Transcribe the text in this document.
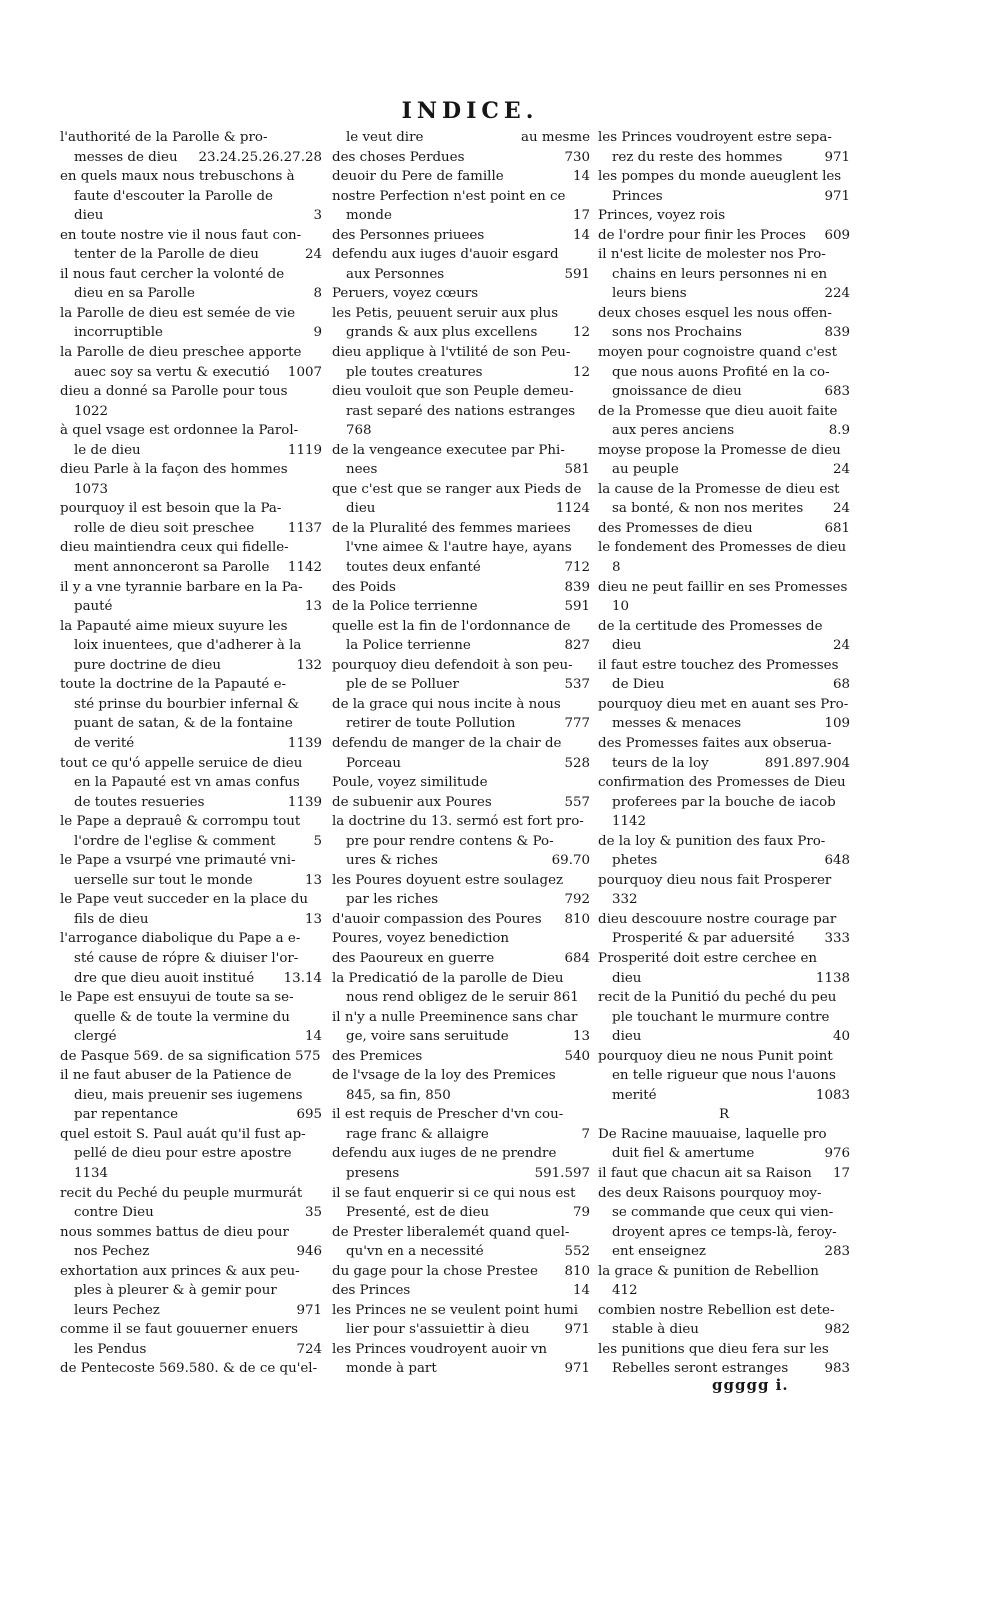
INDICE.
l'authorité de la Parolle & pro-
messes de dieu 23.24.25.26.27.28
en quels maux nous trebuschons à
faute d'escouter la Parolle de
dieu	3
en toute nostre vie il nous faut con-
tenter de la Parolle de dieu	24
il nous faut cercher la volonté de
dieu en sa Parolle	8
la Parolle de dieu est semée de vie
incorruptible	9
la Parolle de dieu preschee apporte
auec soy sa vertu & executió 1007
dieu a donné sa Parolle pour tous
1022
à quel vsage est ordonnee la Parol-
le de dieu	1119
dieu Parle à la façon des hommes
1073
pourquoy il est besoin que la Pa-
rolle de dieu soit preschee	1137
dieu maintiendra ceux qui fidelle-
ment annonceront sa Parolle 1142
il y a vne tyrannie barbare en la Pa-
pauté	13
la Papauté aime mieux suyure les
loix inuentees, que d'adherer à la
pure doctrine de dieu	132
toute la doctrine de la Papauté e-
sté prinse du bourbier infernal &
puant de satan, & de la fontaine
de verité	1139
tout ce qu'ó appelle seruice de dieu
en la Papauté est vn amas confus
de toutes resueries	1139
le Pape a deprauê & corrompu tout
l'ordre de l'eglise & comment	5
le Pape a vsurpé vne primauté vni-
uerselle sur tout le monde	13
le Pape veut succeder en la place du
fils de dieu	13
l'arrogance diabolique du Pape a e-
sté cause de rópre & diuiser l'or-
dre que dieu auoit institué 13.14
le Pape est ensuyui de toute sa se-
quelle & de toute la vermine du
clergé	14
de Pasque 569. de sa signification 575
il ne faut abuser de la Patience de
dieu, mais preuenir ses iugemens
par repentance	695
quel estoit S. Paul auát qu'il fust ap-
pellé de dieu pour estre apostre
1134
recit du Peché du peuple murmurát
contre Dieu	35
nous sommes battus de dieu pour
nos Pechez	946
exhortation aux princes & aux peu-
ples à pleurer & à gemir pour
leurs Pechez	971
comme il se faut gouuerner enuers
les Pendus	724
de Pentecoste 569.580. & de ce qu'el-
le veut dire	au mesme
des choses Perdues	730
deuoir du Pere de famille	14
nostre Perfection n'est point en ce
monde	17
des Personnes priuees	14
defendu aux iuges d'auoir esgard
aux Personnes	591
Peruers, voyez cœurs
les Petis, peuuent seruir aux plus
grands & aux plus excellens	12
dieu applique à l'vtilité de son Peu-
ple toutes creatures	12
dieu vouloit que son Peuple demeu-
rast separé des nations estranges
768
de la vengeance executee par Phi-
nees	581
que c'est que se ranger aux Pieds de
dieu	1124
de la Pluralité des femmes mariees
l'vne aimee & l'autre haye, ayans
toutes deux enfanté	712
des Poids	839
de la Police terrienne	591
quelle est la fin de l'ordonnance de
la Police terrienne	827
pourquoy dieu defendoit à son peu-
ple de se Polluer	537
de la grace qui nous incite à nous
retirer de toute Pollution	777
defendu de manger de la chair de
Porceau	528
Poule, voyez similitude
de subuenir aux Poures	557
la doctrine du 13. sermó est fort pro-
pre pour rendre contens & Po-
ures & riches	69.70
les Poures doyuent estre soulagez
par les riches	792
d'auoir compassion des Poures 810
Poures, voyez benediction
des Paoureux en guerre	684
la Predicatió de la parolle de Dieu
nous rend obligez de le seruir 861
il n'y a nulle Preeminence sans char
ge, voire sans seruitude	13
des Premices	540
de l'vsage de la loy des Premices
845, sa fin, 850
il est requis de Prescher d'vn cou-
rage franc & allaigre	7
defendu aux iuges de ne prendre
presens	591.597
il se faut enquerir si ce qui nous est
Presenté, est de dieu	79
de Prester liberalemét quand quel-
qu'vn en a necessité	552
du gage pour la chose Prestee 810
des Princes	14
les Princes ne se veulent point humi
lier pour s'assuiettir à dieu	971
les Princes voudroyent auoir vn
monde à part	971
les Princes voudroyent estre sepa-
rez du reste des hommes	971
les pompes du monde aueuglent les
Princes	971
Princes, voyez rois
de l'ordre pour finir les Proces 609
il n'est licite de molester nos Pro-
chains en leurs personnes ni en
leurs biens	224
deux choses esquel les nous offen-
sons nos Prochains	839
moyen pour cognoistre quand c'est
que nous auons Profité en la co-
gnoissance de dieu	683
de la Promesse que dieu auoit faite
aux peres anciens	8.9
moyse propose la Promesse de dieu
au peuple	24
la cause de la Promesse de dieu est
sa bonté, & non nos merites 24
des Promesses de dieu	681
le fondement des Promesses de dieu
8
dieu ne peut faillir en ses Promesses
10
de la certitude des Promesses de
dieu	24
il faut estre touchez des Promesses
de Dieu	68
pourquoy dieu met en auant ses Pro-
messes & menaces	109
des Promesses faites aux obserua-
teurs de la loy	891.897.904
confirmation des Promesses de Dieu
proferees par la bouche de iacob
1142
de la loy & punition des faux Pro-
phetes	648
pourquoy dieu nous fait Prosperer
332
dieu descouure nostre courage par
Prosperité & par aduersité 333
Prosperité doit estre cerchee en
dieu	1138
recit de la Punitió du peché du peu
ple touchant le murmure contre
dieu	40
pourquoy dieu ne nous Punit point
en telle rigueur que nous l'auons
merité	1083
R
De Racine mauuaise, laquelle pro
duit fiel & amertume	976
il faut que chacun ait sa Raison 17
des deux Raisons pourquoy moy-
se commande que ceux qui vien-
droyent apres ce temps-là, feroy-
ent enseignez	283
la grace & punition de Rebellion
412
combien nostre Rebellion est dete-
stable à dieu	982
les punitions que dieu fera sur les
Rebelles seront estranges	983
ggggg i.
